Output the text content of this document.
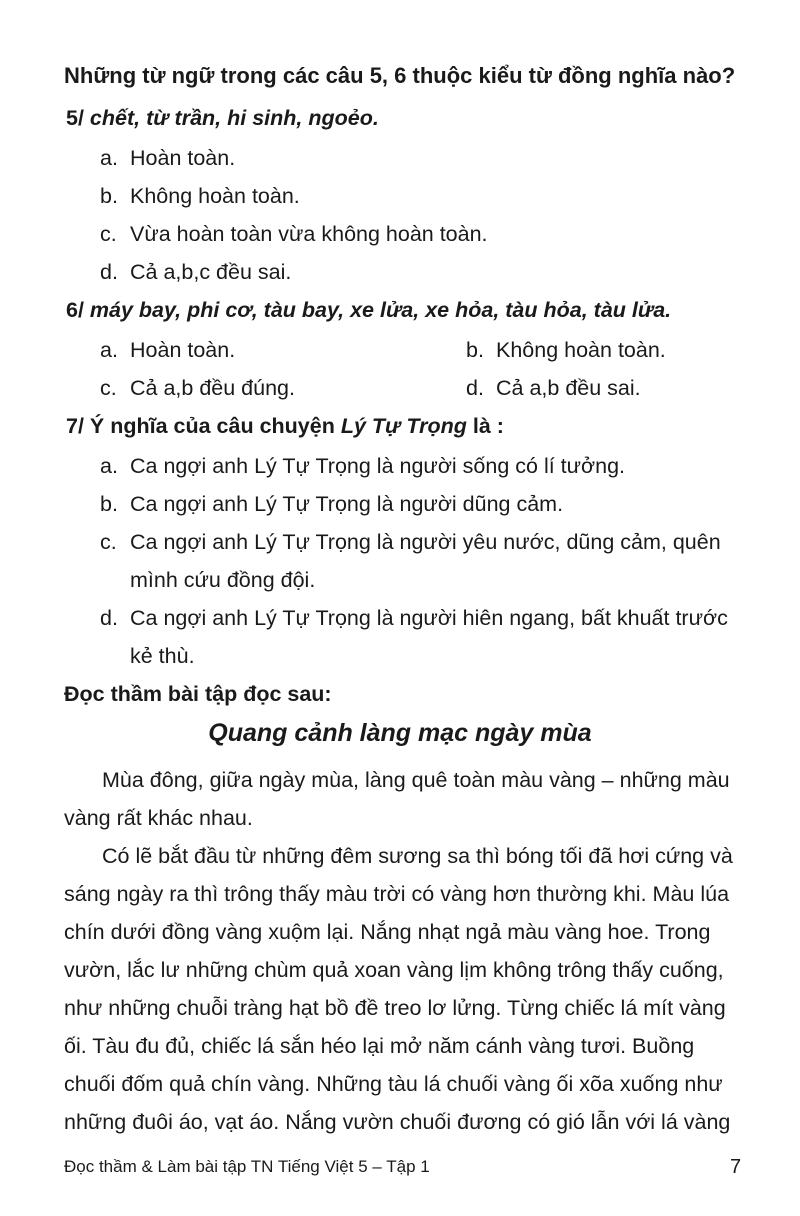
Những từ ngữ trong các câu 5, 6 thuộc kiểu từ đồng nghĩa nào?
5/ chết, từ trần, hi sinh, ngoẻo.
a. Hoàn toàn.
b. Không hoàn toàn.
c. Vừa hoàn toàn vừa không hoàn toàn.
d. Cả a,b,c đều sai.
6/ máy bay, phi cơ, tàu bay, xe lửa, xe hỏa, tàu hỏa, tàu lửa.
a. Hoàn toàn.	b. Không hoàn toàn.
c. Cả a,b đều đúng.	d. Cả a,b đều sai.
7/ Ý nghĩa của câu chuyện Lý Tự Trọng là :
a. Ca ngợi anh Lý Tự Trọng là người sống có lí tưởng.
b. Ca ngợi anh Lý Tự Trọng là người dũng cảm.
c. Ca ngợi anh Lý Tự Trọng là người yêu nước, dũng cảm, quên
mình cứu đồng đội.
d. Ca ngợi anh Lý Tự Trọng là người hiên ngang, bất khuất trước
kẻ thù.
Đọc thầm bài tập đọc sau:
Quang cảnh làng mạc ngày mùa
Mùa đông, giữa ngày mùa, làng quê toàn màu vàng – những màu
vàng rất khác nhau.
Có lẽ bắt đầu từ những đêm sương sa thì bóng tối đã hơi cứng và
sáng ngày ra thì trông thấy màu trời có vàng hơn thường khi. Màu lúa
chín dưới đồng vàng xuộm lại. Nắng nhạt ngả màu vàng hoe. Trong
vườn, lắc lư những chùm quả xoan vàng lịm không trông thấy cuống,
như những chuỗi tràng hạt bồ đề treo lơ lửng. Từng chiếc lá mít vàng
ối. Tàu đu đủ, chiếc lá sắn héo lại mở năm cánh vàng tươi. Buồng
chuối đốm quả chín vàng. Những tàu lá chuối vàng ối xõa xuống như
những đuôi áo, vạt áo. Nắng vườn chuối đương có gió lẫn với lá vàng
Đọc thầm & Làm bài tập TN Tiếng Việt 5 – Tập 1	7
